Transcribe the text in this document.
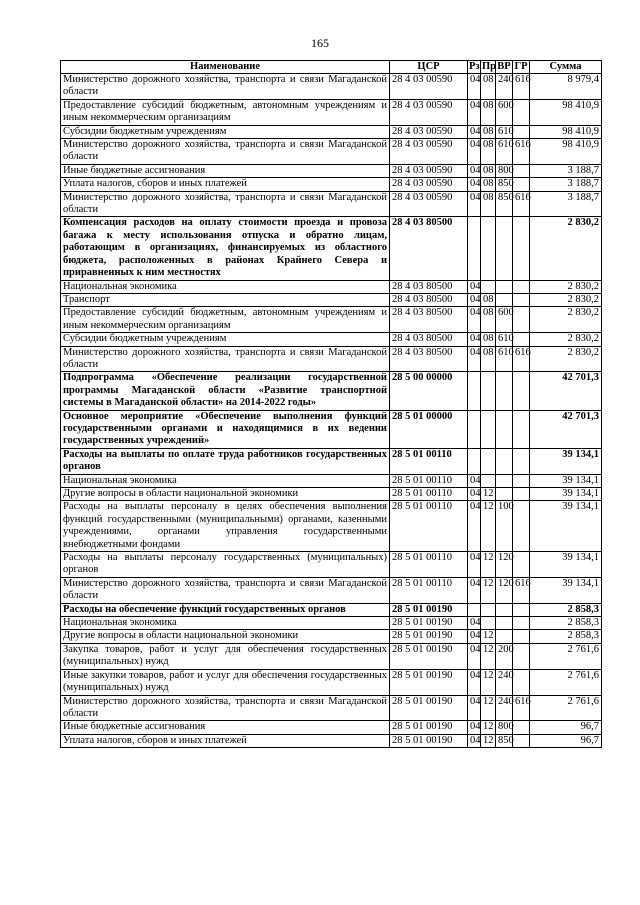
165
Наименование	ЦСР	Рз	Пр	ВР	ГР	Сумма
Министерство дорожного хозяйства, транспорта и связи Магаданской области	28 4 03 00590	04	08	240	616	8 979,4
Предоставление субсидий бюджетным, автономным учреждениям и иным некоммерческим организациям	28 4 03 00590	04	08	600		98 410,9
Субсидии бюджетным учреждениям	28 4 03 00590	04	08	610		98 410,9
Министерство дорожного хозяйства, транспорта и связи Магаданской области	28 4 03 00590	04	08	610	616	98 410,9
Иные бюджетные ассигнования	28 4 03 00590	04	08	800		3 188,7
Уплата налогов, сборов и иных платежей	28 4 03 00590	04	08	850		3 188,7
Министерство дорожного хозяйства, транспорта и связи Магаданской области	28 4 03 00590	04	08	850	616	3 188,7
Компенсация расходов на оплату стоимости проезда и провоза багажа к месту использования отпуска и обратно лицам, работающим в организациях, финансируемых из областного бюджета, расположенных в районах Крайнего Севера и приравненных к ним местностях	28 4 03 80500					2 830,2
Национальная экономика	28 4 03 80500	04				2 830,2
Транспорт	28 4 03 80500	04	08			2 830,2
Предоставление субсидий бюджетным, автономным учреждениям и иным некоммерческим организациям	28 4 03 80500	04	08	600		2 830,2
Субсидии бюджетным учреждениям	28 4 03 80500	04	08	610		2 830,2
Министерство дорожного хозяйства, транспорта и связи Магаданской области	28 4 03 80500	04	08	610	616	2 830,2
Подпрограмма «Обеспечение реализации государственной программы Магаданской области «Развитие транспортной системы в Магаданской области» на 2014-2022 годы»	28 5 00 00000					42 701,3
Основное мероприятие «Обеспечение выполнения функций государственными органами и находящимися в их ведении государственных учреждений»	28 5 01 00000					42 701,3
Расходы на выплаты по оплате труда работников государственных органов	28 5 01 00110					39 134,1
Национальная экономика	28 5 01 00110	04				39 134,1
Другие вопросы в области национальной экономики	28 5 01 00110	04	12			39 134,1
Расходы на выплаты персоналу в целях обеспечения выполнения функций государственными (муниципальными) органами, казенными учреждениями, органами управления государственными внебюджетными фондами	28 5 01 00110	04	12	100		39 134,1
Расходы на выплаты персоналу государственных (муниципальных) органов	28 5 01 00110	04	12	120		39 134,1
Министерство дорожного хозяйства, транспорта и связи Магаданской области	28 5 01 00110	04	12	120	616	39 134,1
Расходы на обеспечение функций государственных органов	28 5 01 00190					2 858,3
Национальная экономика	28 5 01 00190	04				2 858,3
Другие вопросы в области национальной экономики	28 5 01 00190	04	12			2 858,3
Закупка товаров, работ и услуг для обеспечения государственных (муниципальных) нужд	28 5 01 00190	04	12	200		2 761,6
Иные закупки товаров, работ и услуг для обеспечения государственных (муниципальных) нужд	28 5 01 00190	04	12	240		2 761,6
Министерство дорожного хозяйства, транспорта и связи Магаданской области	28 5 01 00190	04	12	240	616	2 761,6
Иные бюджетные ассигнования	28 5 01 00190	04	12	800		96,7
Уплата налогов, сборов и иных платежей	28 5 01 00190	04	12	850		96,7
